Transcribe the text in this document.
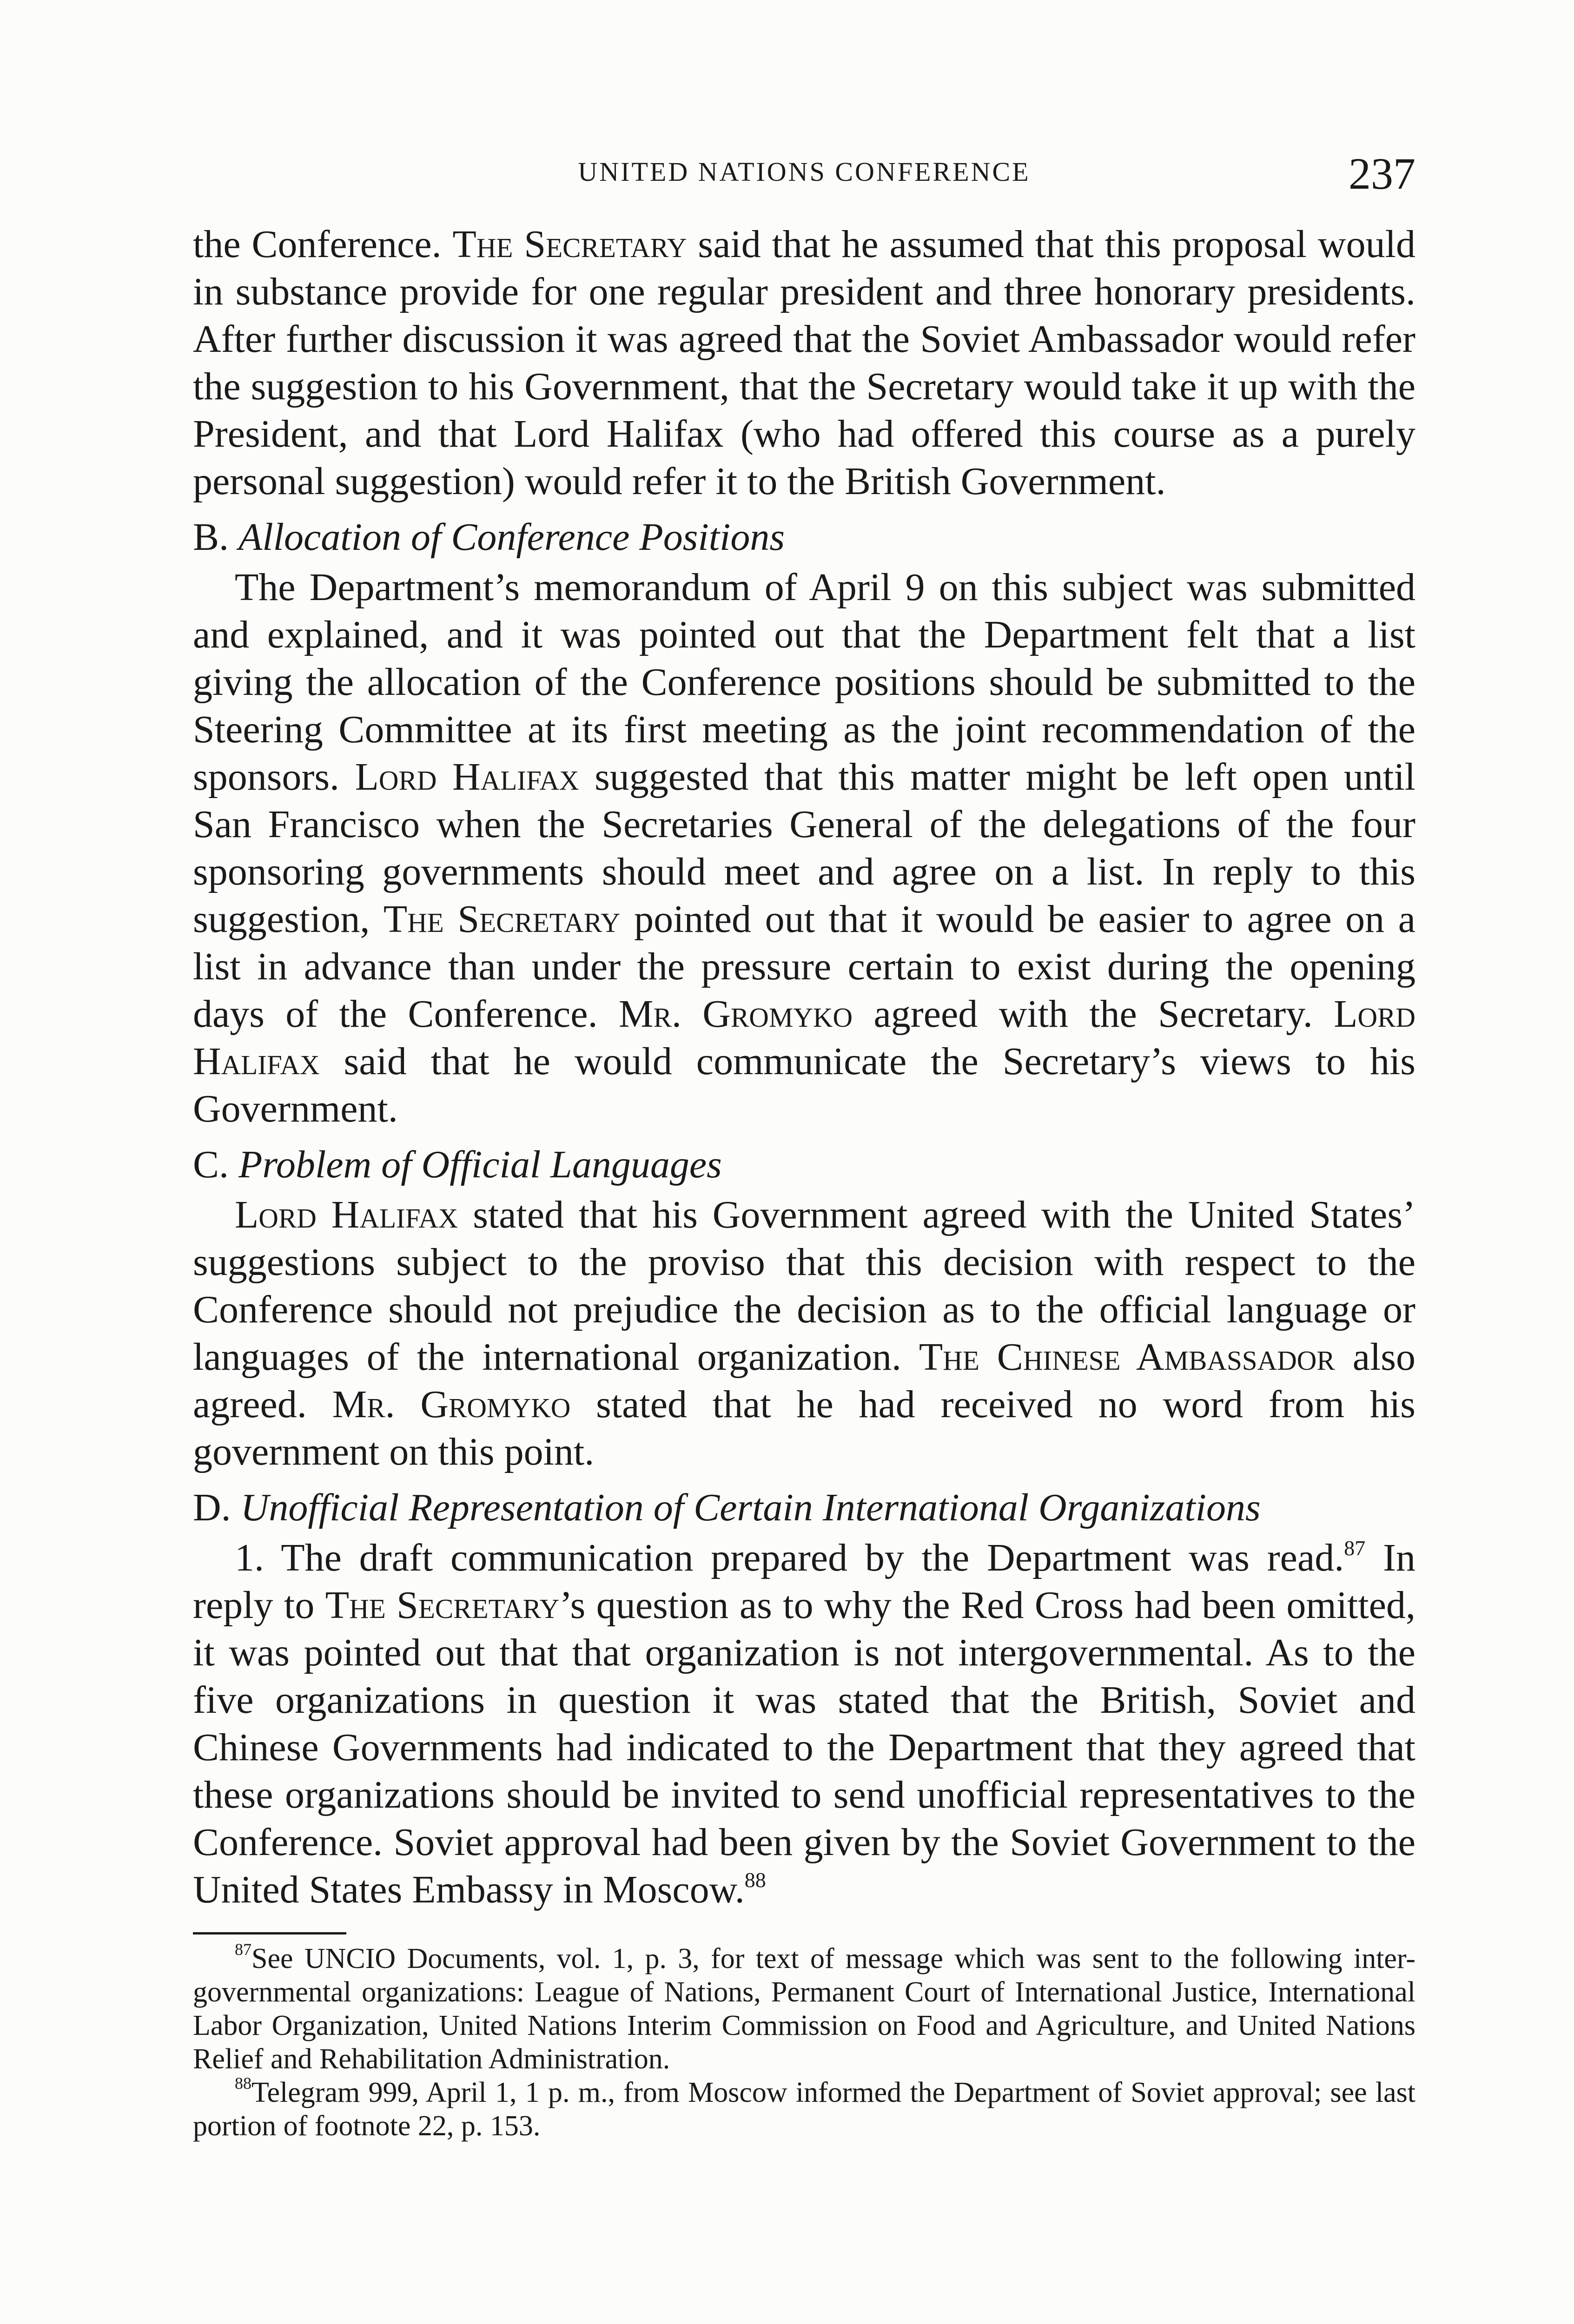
UNITED NATIONS CONFERENCE	237

the Conference. The Secretary said that he assumed that this proposal would in substance provide for one regular president and three honorary presidents. After further discussion it was agreed that the Soviet Ambassador would refer the suggestion to his Government, that the Secretary would take it up with the President, and that Lord Halifax (who had offered this course as a purely personal suggestion) would refer it to the British Government.

B. Allocation of Conference Positions

The Department’s memorandum of April 9 on this subject was submitted and explained, and it was pointed out that the Department felt that a list giving the allocation of the Conference positions should be submitted to the Steering Committee at its first meeting as the joint recommendation of the sponsors. Lord Halifax suggested that this matter might be left open until San Francisco when the Secretaries General of the delegations of the four sponsoring governments should meet and agree on a list. In reply to this suggestion, The Secretary pointed out that it would be easier to agree on a list in advance than under the pressure certain to exist during the opening days of the Conference. Mr. Gromyko agreed with the Secretary. Lord Halifax said that he would communicate the Secretary’s views to his Government.

C. Problem of Official Languages

Lord Halifax stated that his Government agreed with the United States’ suggestions subject to the proviso that this decision with respect to the Conference should not prejudice the decision as to the official language or languages of the international organization. The Chinese Ambassador also agreed. Mr. Gromyko stated that he had received no word from his government on this point.

D. Unofficial Representation of Certain International Organizations

1. The draft communication prepared by the Department was read.$^{87}$ In reply to The Secretary’s question as to why the Red Cross had been omitted, it was pointed out that that organization is not intergovernmental. As to the five organizations in question it was stated that the British, Soviet and Chinese Governments had indicated to the Department that they agreed that these organizations should be invited to send unofficial representatives to the Conference. Soviet approval had been given by the Soviet Government to the United States Embassy in Moscow.$^{88}$

$^{87}$See UNCIO Documents, vol. 1, p. 3, for text of message which was sent to the following inter-governmental organizations: League of Nations, Permanent Court of International Justice, International Labor Organization, United Nations Interim Commission on Food and Agriculture, and United Nations Relief and Rehabilitation Administration.

$^{88}$Telegram 999, April 1, 1 p. m., from Moscow informed the Department of Soviet approval; see last portion of footnote 22, p. 153.
